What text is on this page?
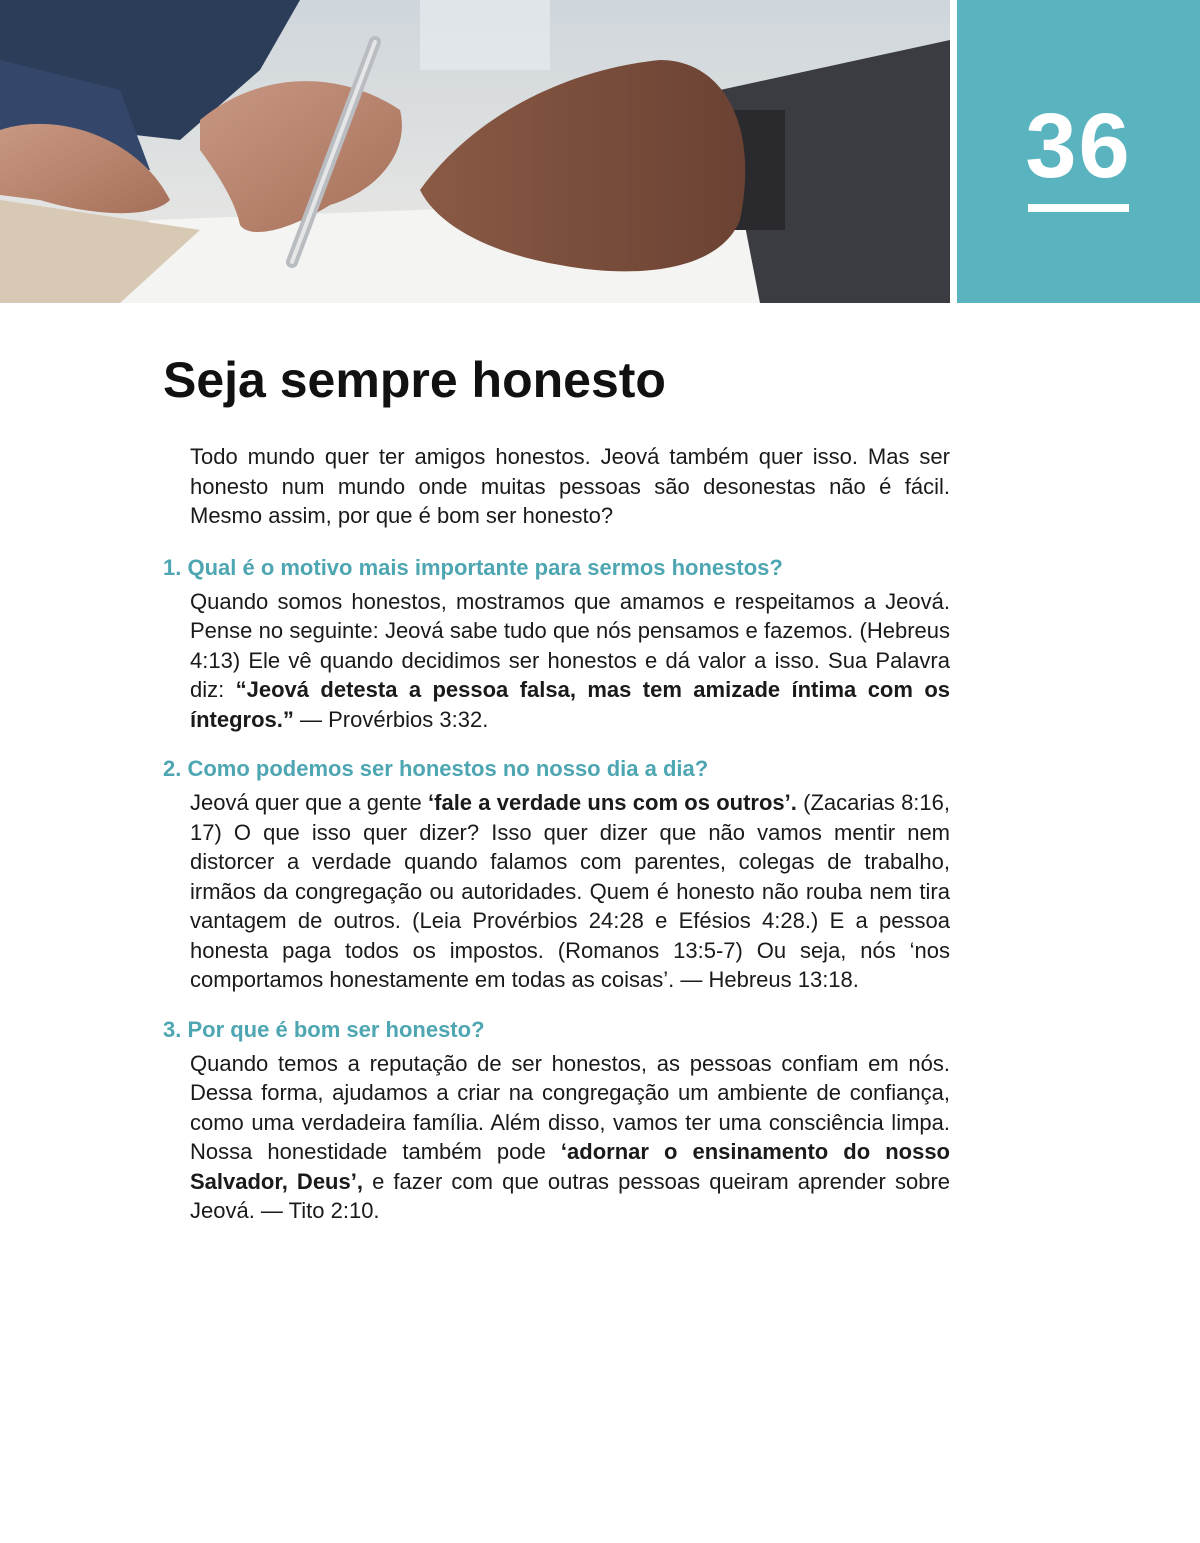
36
Seja sempre honesto

Todo mundo quer ter amigos honestos. Jeová também quer isso. Mas ser honesto num mundo onde muitas pessoas são desonestas não é fácil. Mesmo assim, por que é bom ser honesto?

1. Qual é o motivo mais importante para sermos honestos?

Quando somos honestos, mostramos que amamos e respeitamos a Jeová. Pense no seguinte: Jeová sabe tudo que nós pensamos e fazemos. (Hebreus 4:13) Ele vê quando decidimos ser honestos e dá valor a isso. Sua Palavra diz: “Jeová detesta a pessoa falsa, mas tem amizade íntima com os íntegros.” — Provérbios 3:32.

2. Como podemos ser honestos no nosso dia a dia?

Jeová quer que a gente ‘fale a verdade uns com os outros’. (Zacarias 8:16, 17) O que isso quer dizer? Isso quer dizer que não vamos mentir nem distorcer a verdade quando falamos com parentes, colegas de trabalho, irmãos da congregação ou autoridades. Quem é honesto não rouba nem tira vantagem de outros. (Leia Provérbios 24:28 e Efésios 4:28.) E a pessoa honesta paga todos os impostos. (Romanos 13:5-7) Ou seja, nós ‘nos comportamos honestamente em todas as coisas’. — Hebreus 13:18.

3. Por que é bom ser honesto?

Quando temos a reputação de ser honestos, as pessoas confiam em nós. Dessa forma, ajudamos a criar na congregação um ambiente de confiança, como uma verdadeira família. Além disso, vamos ter uma consciência limpa. Nossa honestidade também pode ‘adornar o ensinamento do nosso Salvador, Deus’, e fazer com que outras pessoas queiram aprender sobre Jeová. — Tito 2:10.
